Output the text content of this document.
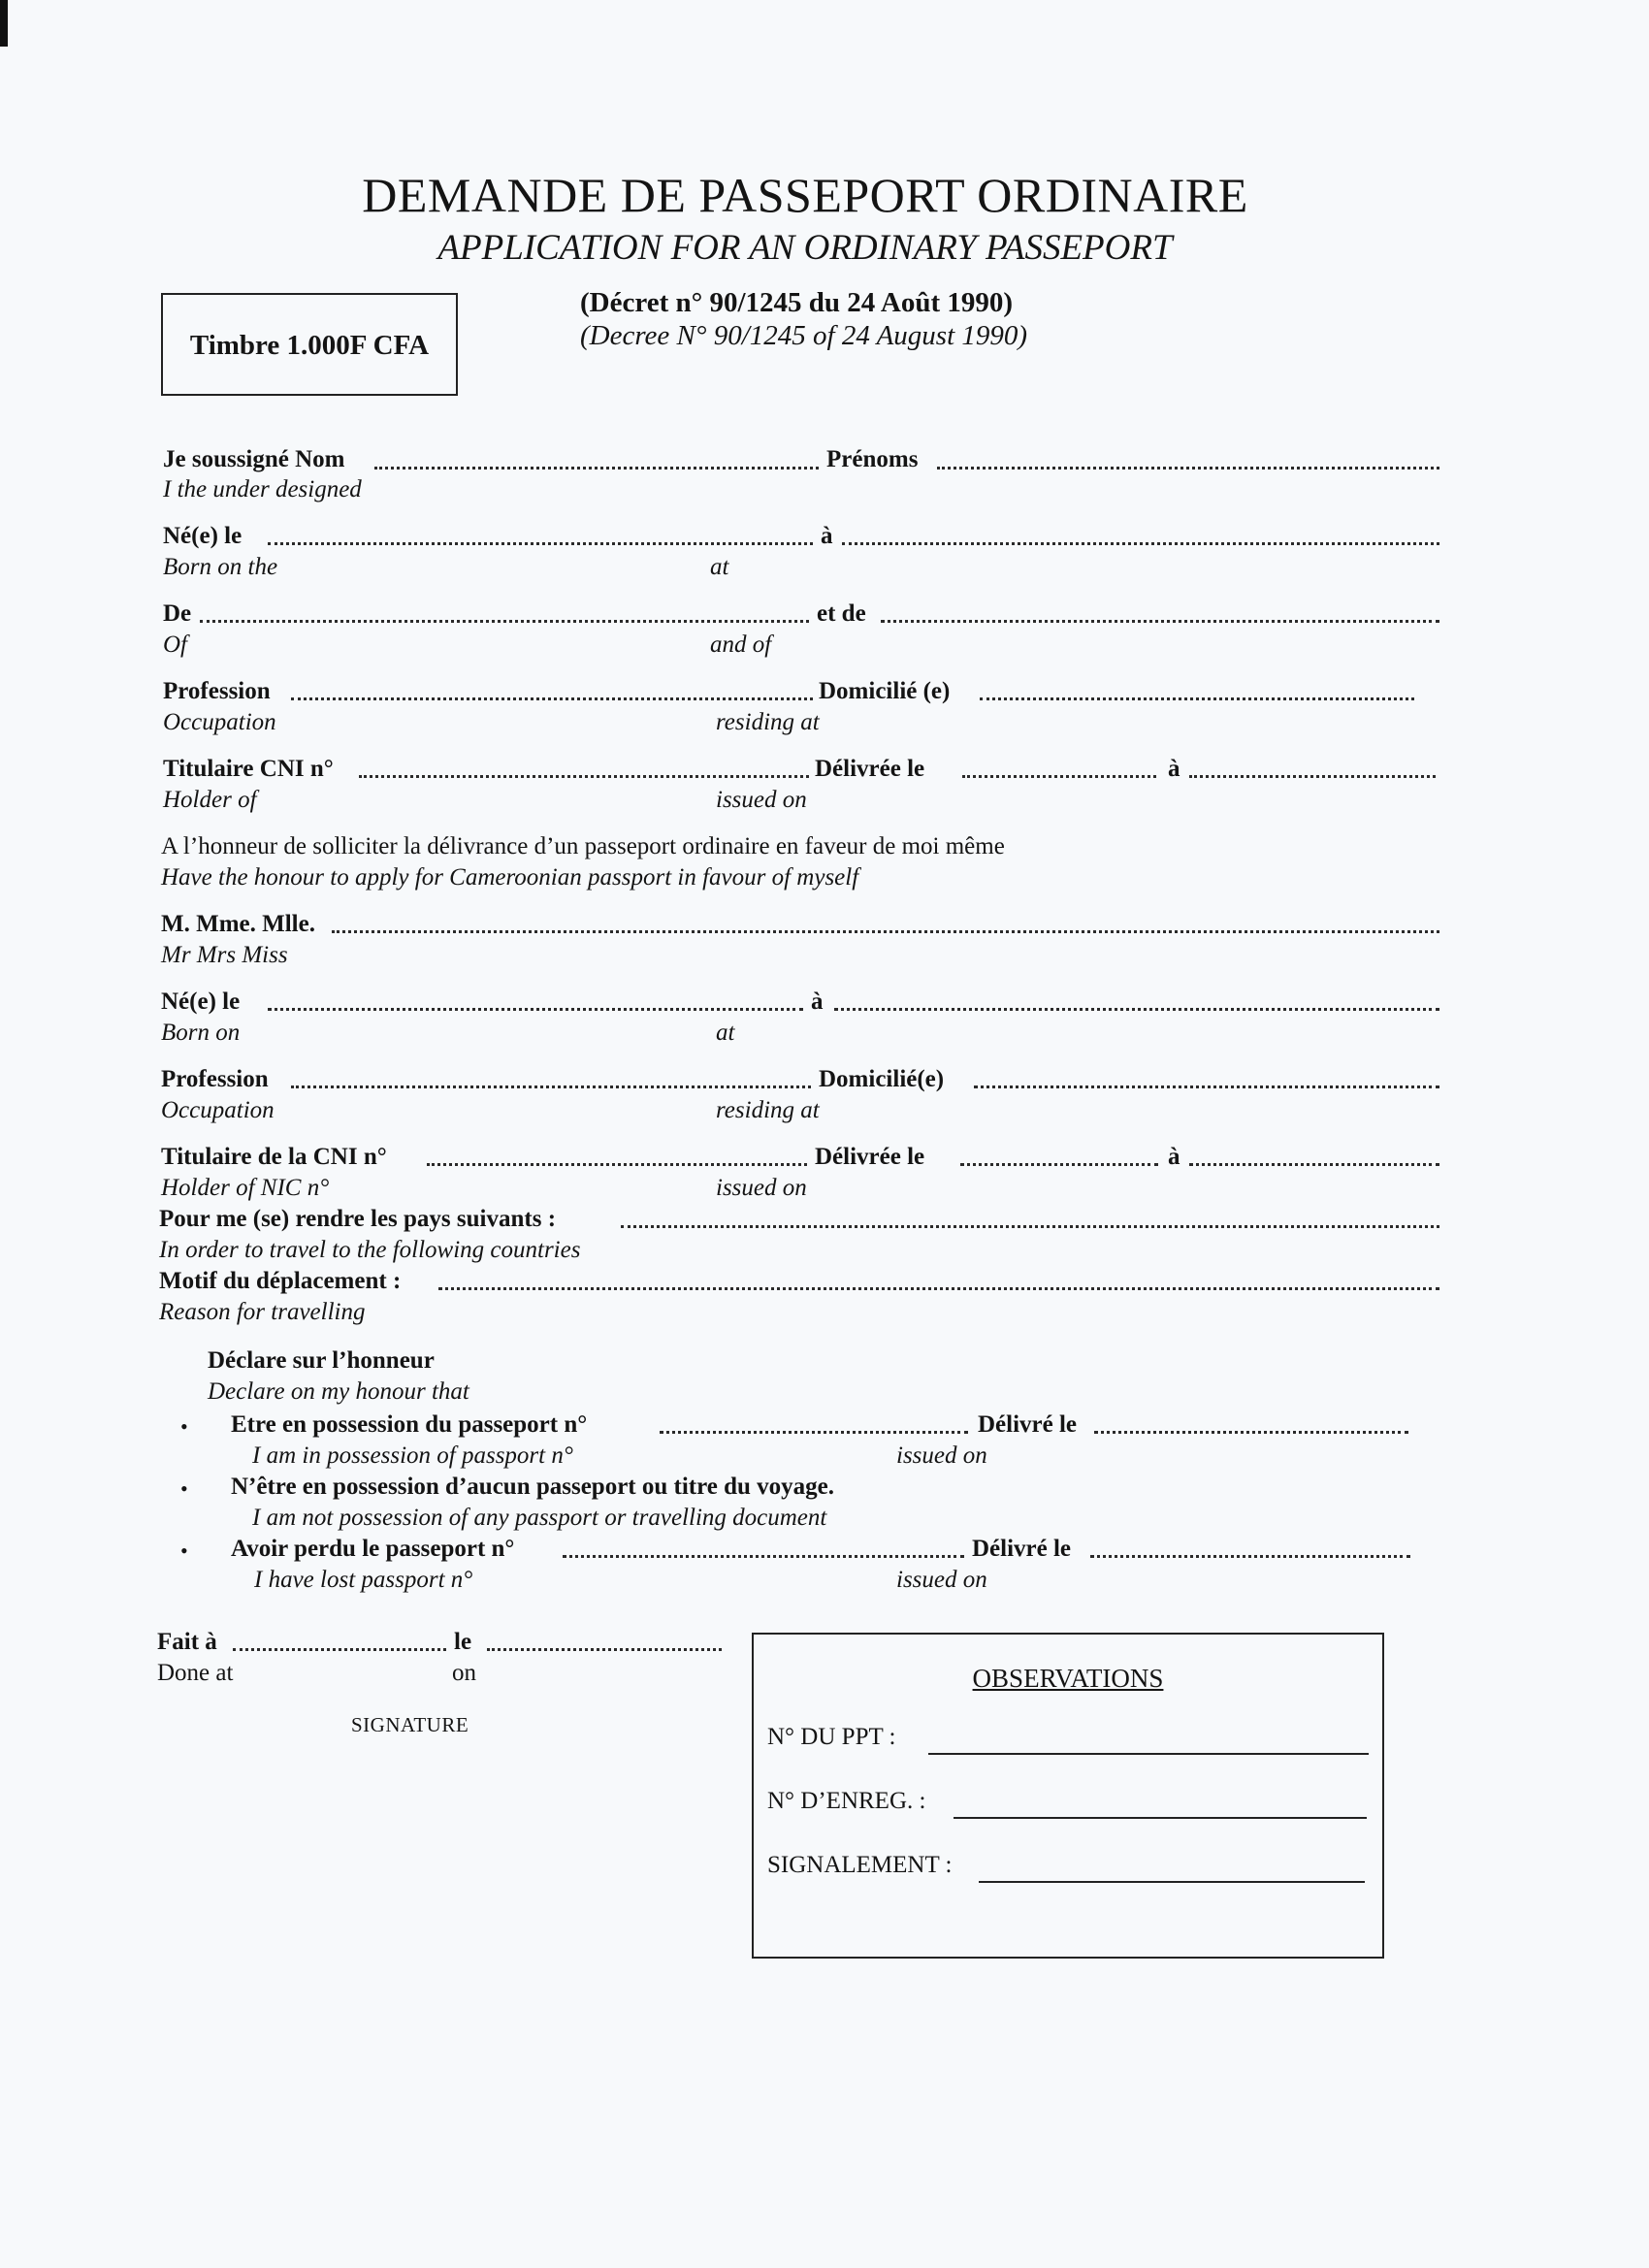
DEMANDE DE PASSEPORT ORDINAIRE
APPLICATION FOR AN ORDINARY PASSEPORT
Timbre 1.000F CFA
(Décret n° 90/1245 du 24 Août 1990)
(Decree N° 90/1245 of 24 August 1990)
Je soussigné Nom	Prénoms
I the under designed
Né(e) le	à
Born on the	at
De	et de
Of	and of
Profession	Domicilié (e)
Occupation	residing at
Titulaire CNI n°	Délivrée le	à
Holder of	issued on
A l’honneur de solliciter la délivrance d’un passeport ordinaire en faveur de moi même
Have the honour to apply for Cameroonian passport in favour of myself
M. Mme. Mlle.
Mr Mrs Miss
Né(e) le	à
Born on	at
Profession	Domicilié(e)
Occupation	residing at
Titulaire de la CNI n°	Délivrée le	à
Holder of NIC n°	issued on
Pour me (se) rendre les pays suivants :
In order to travel to the following countries
Motif du déplacement :
Reason for travelling
Déclare sur l’honneur
Declare on my honour that
• Etre en possession du passeport n°	Délivré le
I am in possession of passport n°	issued on
• N’être en possession d’aucun passeport ou titre du voyage.
I am not possession of any passport or travelling document
• Avoir perdu le passeport n°	Délivré le
I have lost passport n°	issued on
Fait à	le
Done at	on
SIGNATURE
OBSERVATIONS
N° DU PPT :
N° D’ENREG. :
SIGNALEMENT :
